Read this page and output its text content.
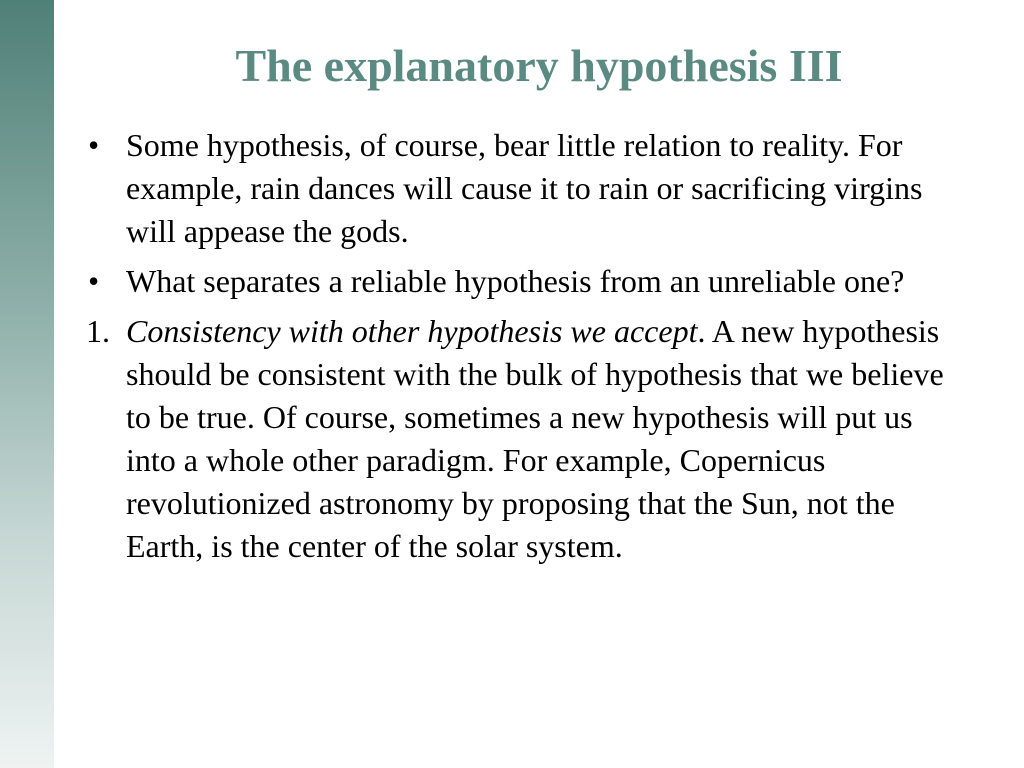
The explanatory hypothesis III
• Some hypothesis, of course, bear little relation to reality. For example, rain dances will cause it to rain or sacrificing virgins will appease the gods.
• What separates a reliable hypothesis from an unreliable one?
1. Consistency with other hypothesis we accept. A new hypothesis should be consistent with the bulk of hypothesis that we believe to be true. Of course, sometimes a new hypothesis will put us into a whole other paradigm. For example, Copernicus revolutionized astronomy by proposing that the Sun, not the Earth, is the center of the solar system.
